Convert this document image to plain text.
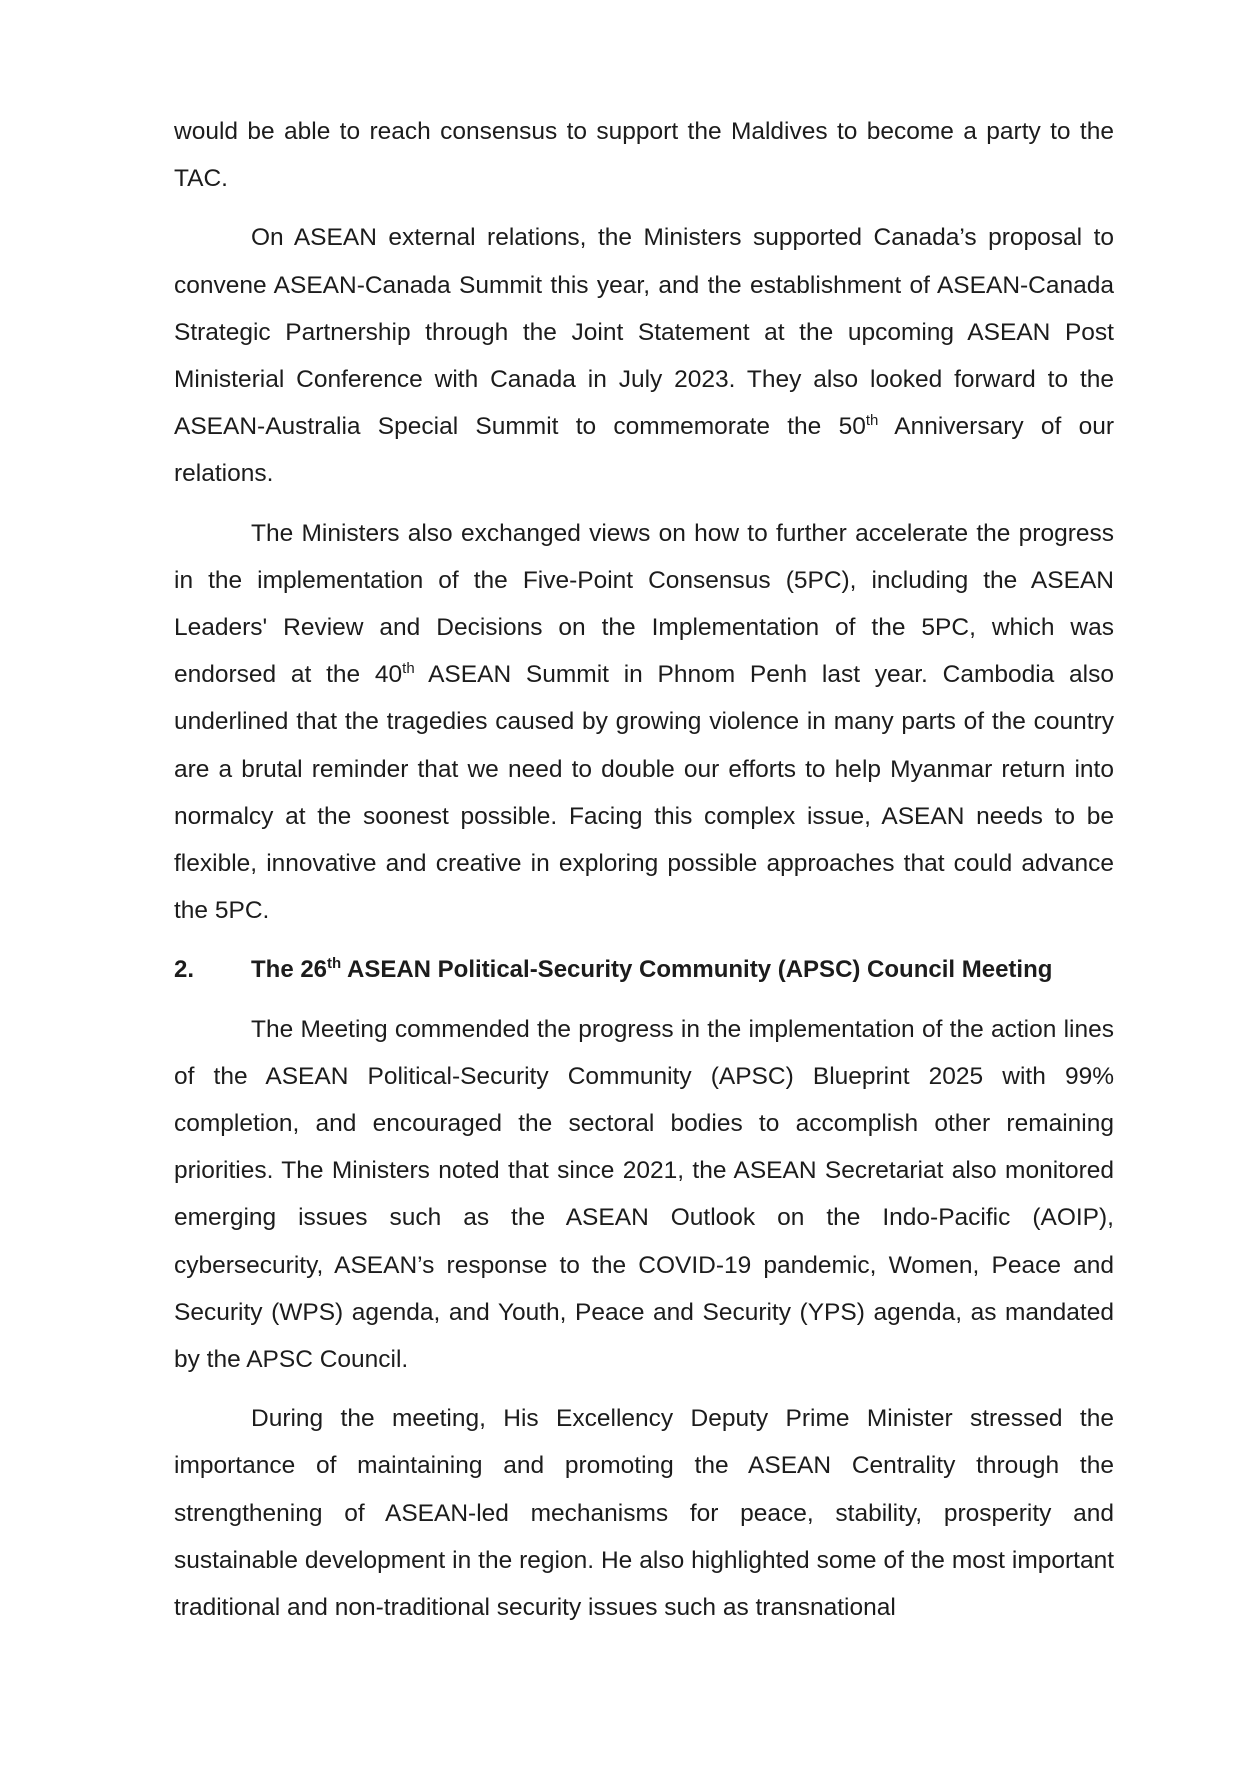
would be able to reach consensus to support the Maldives to become a party to the TAC.

On ASEAN external relations, the Ministers supported Canada’s proposal to convene ASEAN-Canada Summit this year, and the establishment of ASEAN-Canada Strategic Partnership through the Joint Statement at the upcoming ASEAN Post Ministerial Conference with Canada in July 2023. They also looked forward to the ASEAN-Australia Special Summit to commemorate the 50th Anniversary of our relations.

The Ministers also exchanged views on how to further accelerate the progress in the implementation of the Five-Point Consensus (5PC), including the ASEAN Leaders' Review and Decisions on the Implementation of the 5PC, which was endorsed at the 40th ASEAN Summit in Phnom Penh last year. Cambodia also underlined that the tragedies caused by growing violence in many parts of the country are a brutal reminder that we need to double our efforts to help Myanmar return into normalcy at the soonest possible. Facing this complex issue, ASEAN needs to be flexible, innovative and creative in exploring possible approaches that could advance the 5PC.

2.	The 26th ASEAN Political-Security Community (APSC) Council Meeting

The Meeting commended the progress in the implementation of the action lines of the ASEAN Political-Security Community (APSC) Blueprint 2025 with 99% completion, and encouraged the sectoral bodies to accomplish other remaining priorities. The Ministers noted that since 2021, the ASEAN Secretariat also monitored emerging issues such as the ASEAN Outlook on the Indo-Pacific (AOIP), cybersecurity, ASEAN’s response to the COVID-19 pandemic, Women, Peace and Security (WPS) agenda, and Youth, Peace and Security (YPS) agenda, as mandated by the APSC Council.

During the meeting, His Excellency Deputy Prime Minister stressed the importance of maintaining and promoting the ASEAN Centrality through the strengthening of ASEAN-led mechanisms for peace, stability, prosperity and sustainable development in the region. He also highlighted some of the most important traditional and non-traditional security issues such as transnational
